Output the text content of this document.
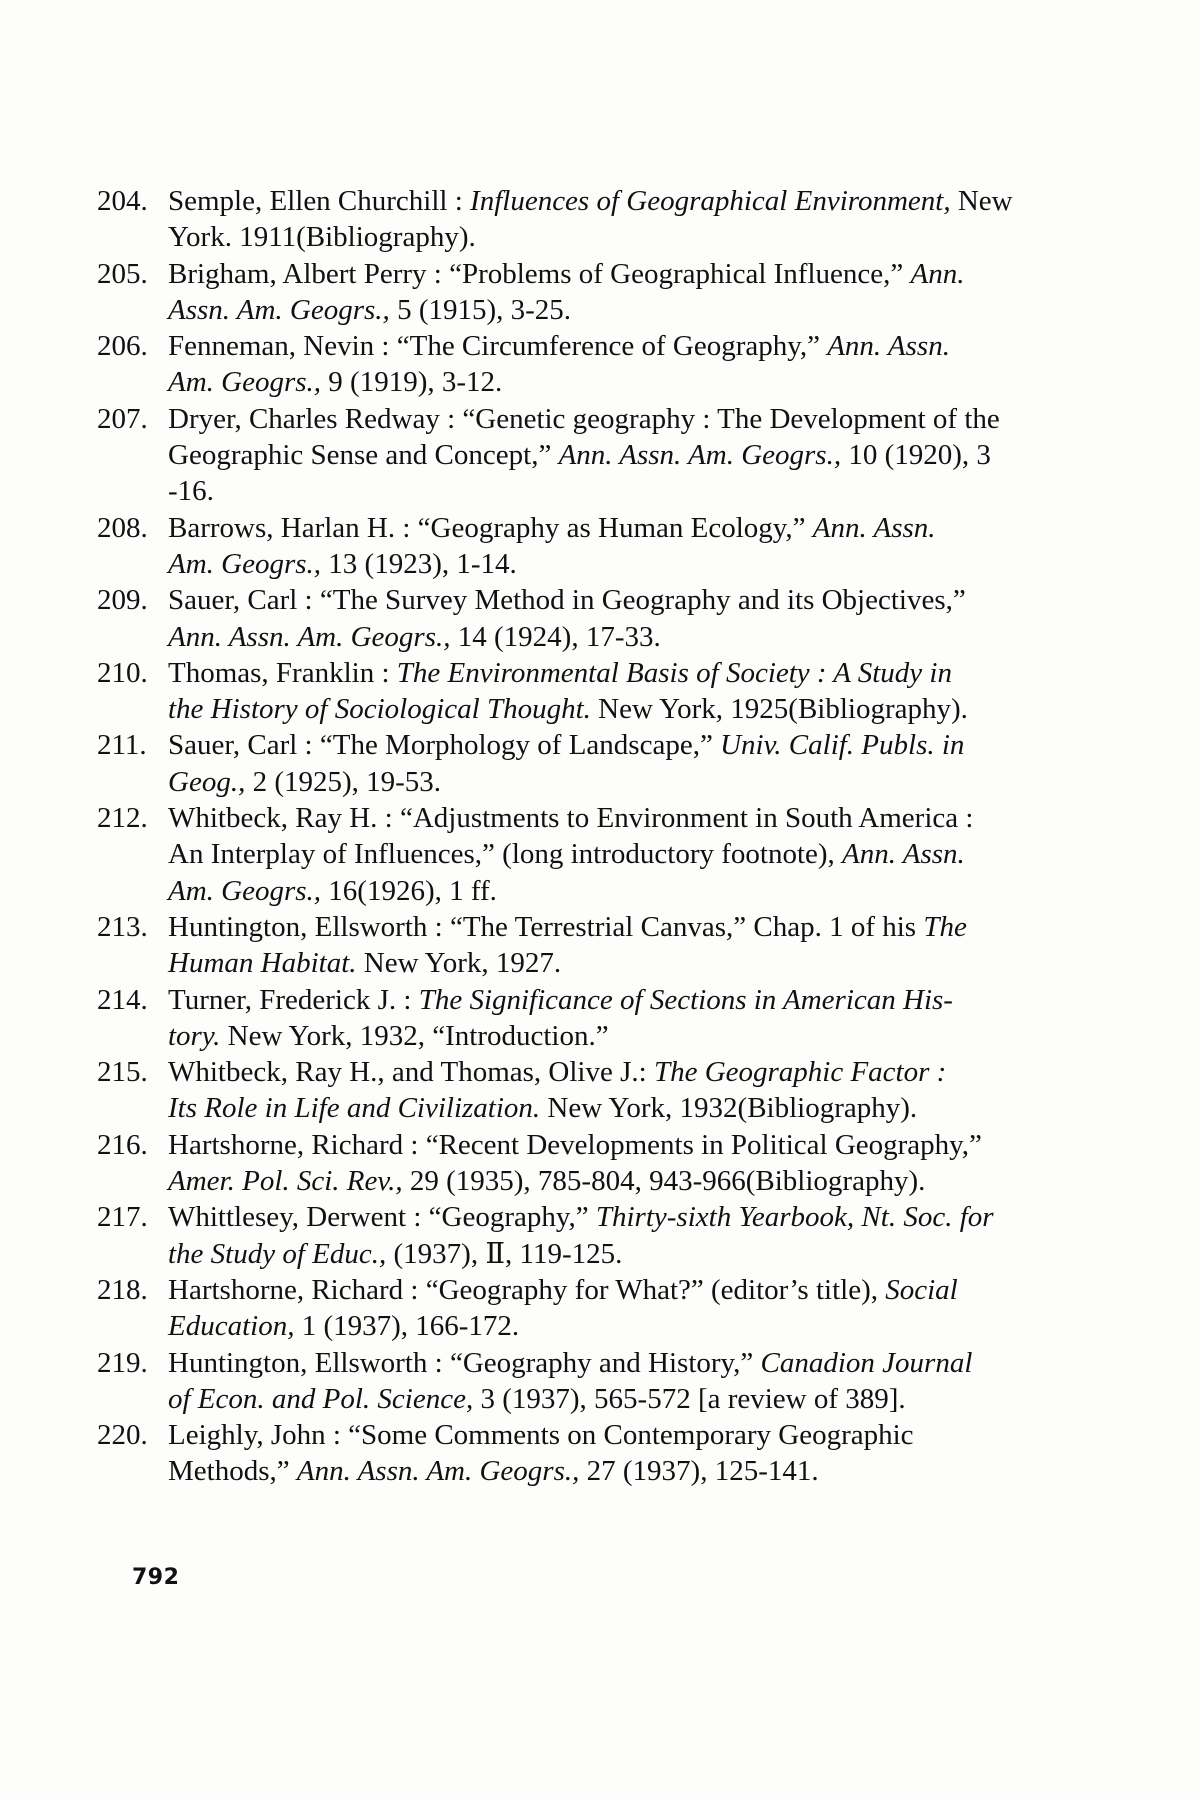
204. Semple, Ellen Churchill : Influences of Geographical Environment, New
York. 1911(Bibliography).
205. Brigham, Albert Perry : “Problems of Geographical Influence,” Ann.
Assn. Am. Geogrs., 5 (1915), 3-25.
206. Fenneman, Nevin : “The Circumference of Geography,” Ann. Assn.
Am. Geogrs., 9 (1919), 3-12.
207. Dryer, Charles Redway : “Genetic geography : The Development of the
Geographic Sense and Concept,” Ann. Assn. Am. Geogrs., 10 (1920), 3
-16.
208. Barrows, Harlan H. : “Geography as Human Ecology,” Ann. Assn.
Am. Geogrs., 13 (1923), 1-14.
209. Sauer, Carl : “The Survey Method in Geography and its Objectives,”
Ann. Assn. Am. Geogrs., 14 (1924), 17-33.
210. Thomas, Franklin : The Environmental Basis of Society : A Study in
the History of Sociological Thought. New York, 1925(Bibliography).
211. Sauer, Carl : “The Morphology of Landscape,” Univ. Calif. Publs. in
Geog., 2 (1925), 19-53.
212. Whitbeck, Ray H. : “Adjustments to Environment in South America :
An Interplay of Influences,” (long introductory footnote), Ann. Assn.
Am. Geogrs., 16(1926), 1 ff.
213. Huntington, Ellsworth : “The Terrestrial Canvas,” Chap. 1 of his The
Human Habitat. New York, 1927.
214. Turner, Frederick J. : The Significance of Sections in American His-
tory. New York, 1932, “Introduction.”
215. Whitbeck, Ray H., and Thomas, Olive J.: The Geographic Factor :
Its Role in Life and Civilization. New York, 1932(Bibliography).
216. Hartshorne, Richard : “Recent Developments in Political Geography,”
Amer. Pol. Sci. Rev., 29 (1935), 785-804, 943-966(Bibliography).
217. Whittlesey, Derwent : “Geography,” Thirty-sixth Yearbook, Nt. Soc. for
the Study of Educ., (1937), Ⅱ, 119-125.
218. Hartshorne, Richard : “Geography for What?” (editor’s title), Social
Education, 1 (1937), 166-172.
219. Huntington, Ellsworth : “Geography and History,” Canadion Journal
of Econ. and Pol. Science, 3 (1937), 565-572 [a review of 389].
220. Leighly, John : “Some Comments on Contemporary Geographic
Methods,” Ann. Assn. Am. Geogrs., 27 (1937), 125-141.
792
